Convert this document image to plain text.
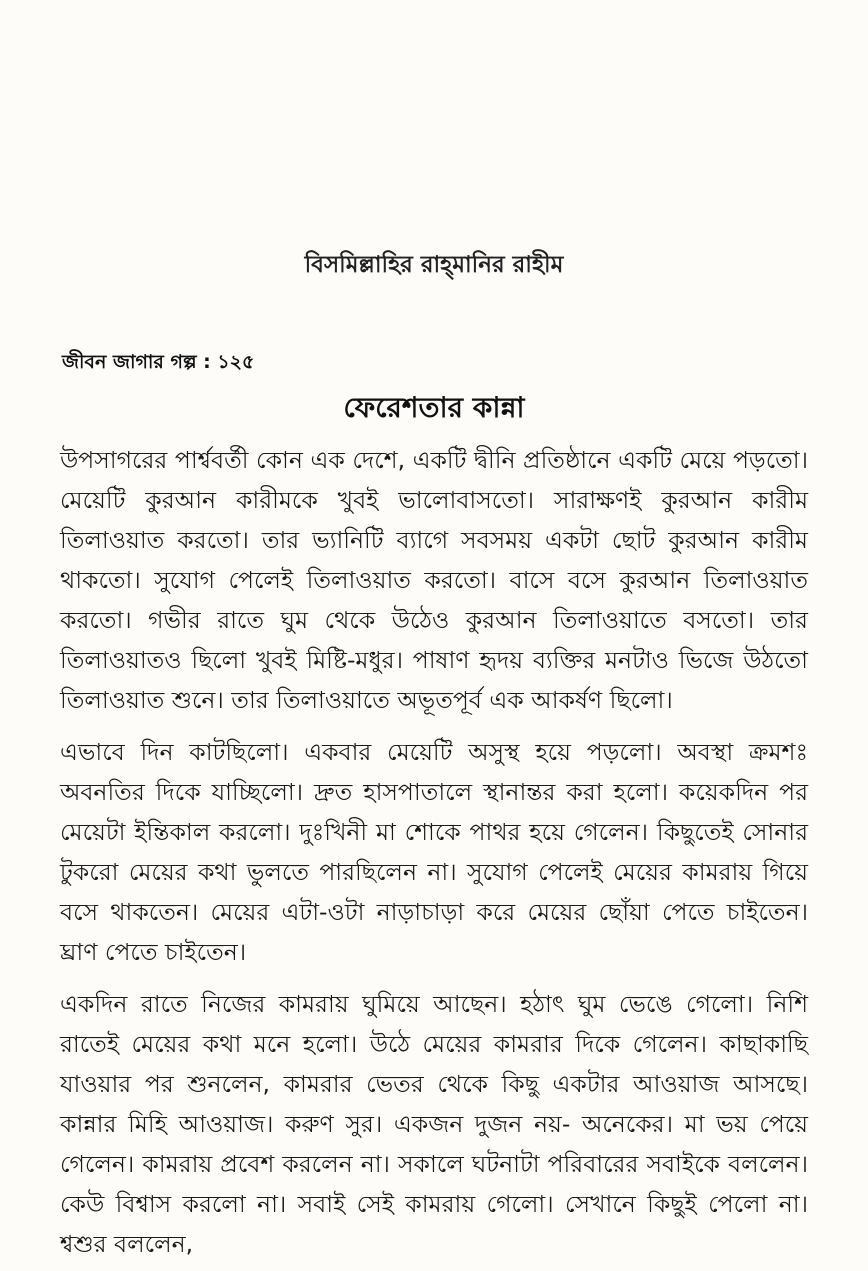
বিসমিল্লাহির রাহ্‌মানির রাহীম
জীবন জাগার গল্প : ১২৫
ফেরেশতার কান্না

উপসাগরের পার্শ্ববর্তী কোন এক দেশে, একটি দ্বীনি প্রতিষ্ঠানে একটি মেয়ে পড়তো। মেয়েটি কুরআন কারীমকে খুবই ভালোবাসতো। সারাক্ষণই কুরআন কারীম তিলাওয়াত করতো। তার ভ্যানিটি ব্যাগে সবসময় একটা ছোট কুরআন কারীম থাকতো। সুযোগ পেলেই তিলাওয়াত করতো। বাসে বসে কুরআন তিলাওয়াত করতো। গভীর রাতে ঘুম থেকে উঠেও কুরআন তিলাওয়াতে বসতো। তার তিলাওয়াতও ছিলো খুবই মিষ্টি-মধুর। পাষাণ হৃদয় ব্যক্তির মনটাও ভিজে উঠতো তিলাওয়াত শুনে। তার তিলাওয়াতে অভূতপূর্ব এক আকর্ষণ ছিলো।

এভাবে দিন কাটছিলো। একবার মেয়েটি অসুস্থ হয়ে পড়লো। অবস্থা ক্রমশঃ অবনতির দিকে যাচ্ছিলো। দ্রুত হাসপাতালে স্থানান্তর করা হলো। কয়েকদিন পর মেয়েটা ইন্তিকাল করলো। দুঃখিনী মা শোকে পাথর হয়ে গেলেন। কিছুতেই সোনার টুকরো মেয়ের কথা ভুলতে পারছিলেন না। সুযোগ পেলেই মেয়ের কামরায় গিয়ে বসে থাকতেন। মেয়ের এটা-ওটা নাড়াচাড়া করে মেয়ের ছোঁয়া পেতে চাইতেন। ঘ্রাণ পেতে চাইতেন।

একদিন রাতে নিজের কামরায় ঘুমিয়ে আছেন। হঠাৎ ঘুম ভেঙে গেলো। নিশি রাতেই মেয়ের কথা মনে হলো। উঠে মেয়ের কামরার দিকে গেলেন। কাছাকাছি যাওয়ার পর শুনলেন, কামরার ভেতর থেকে কিছু একটার আওয়াজ আসছে। কান্নার মিহি আওয়াজ। করুণ সুর। একজন দুজন নয়- অনেকের। মা ভয় পেয়ে গেলেন। কামরায় প্রবেশ করলেন না। সকালে ঘটনাটা পরিবারের সবাইকে বললেন। কেউ বিশ্বাস করলো না। সবাই সেই কামরায় গেলো। সেখানে কিছুই পেলো না। শ্বশুর বললেন,
